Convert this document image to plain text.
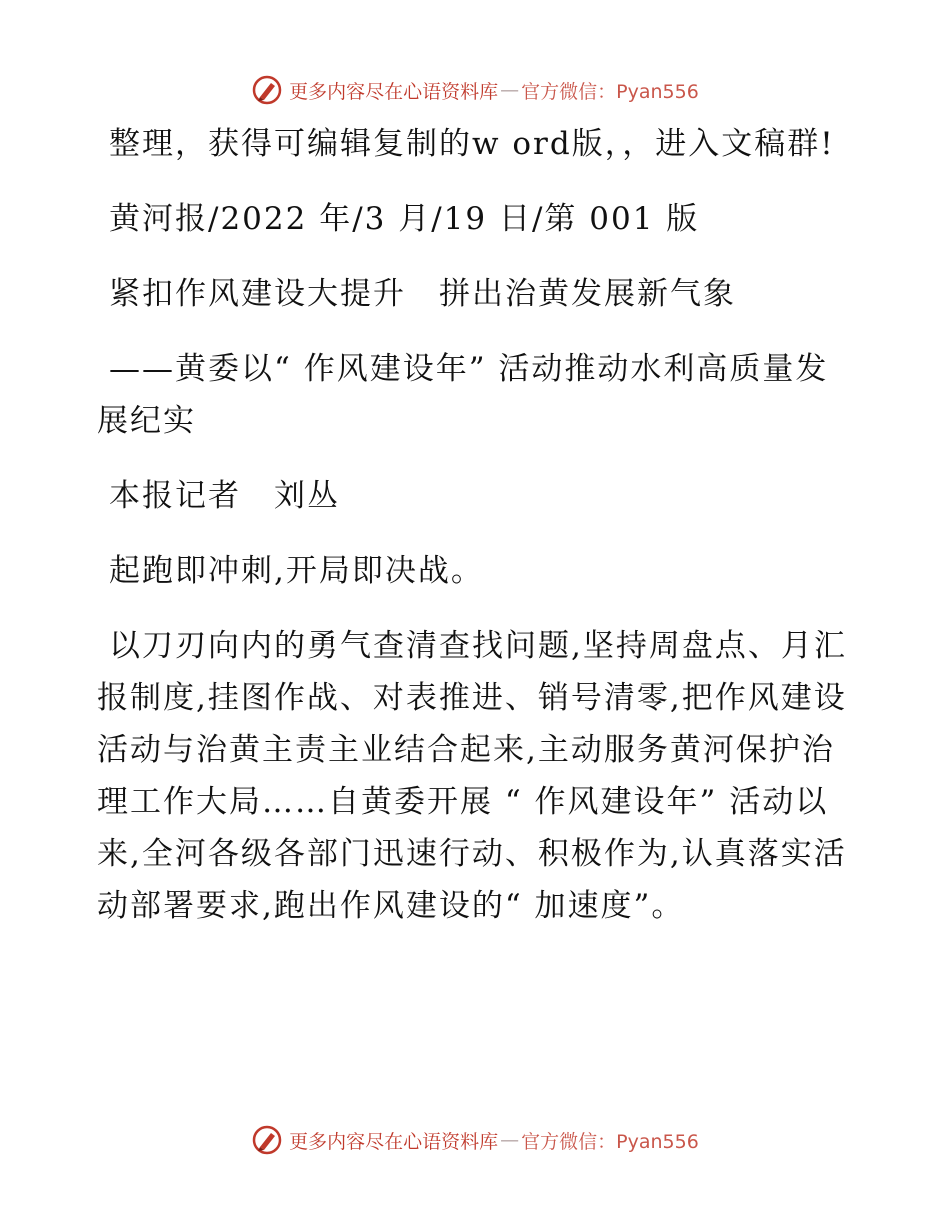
更多内容尽在心语资料库 — 官方微信：Pyan556

整理，获得可编辑复制的w ord版，，进入文稿群!

黄河报/2022 年/3 月/19 日/第 001 版

紧扣作风建设大提升　拼出治黄发展新气象

——黄委以“ 作风建设年” 活动推动水利高质量发展纪实

本报记者　刘丛

起跑即冲刺,开局即决战。

以刀刃向内的勇气查清查找问题,坚持周盘点、月汇报制度,挂图作战、对表推进、销号清零,把作风建设活动与治黄主责主业结合起来,主动服务黄河保护治理工作大局……自黄委开展 “ 作风建设年” 活动以来,全河各级各部门迅速行动、积极作为,认真落实活动部署要求,跑出作风建设的“ 加速度”。

更多内容尽在心语资料库 — 官方微信：Pyan556
